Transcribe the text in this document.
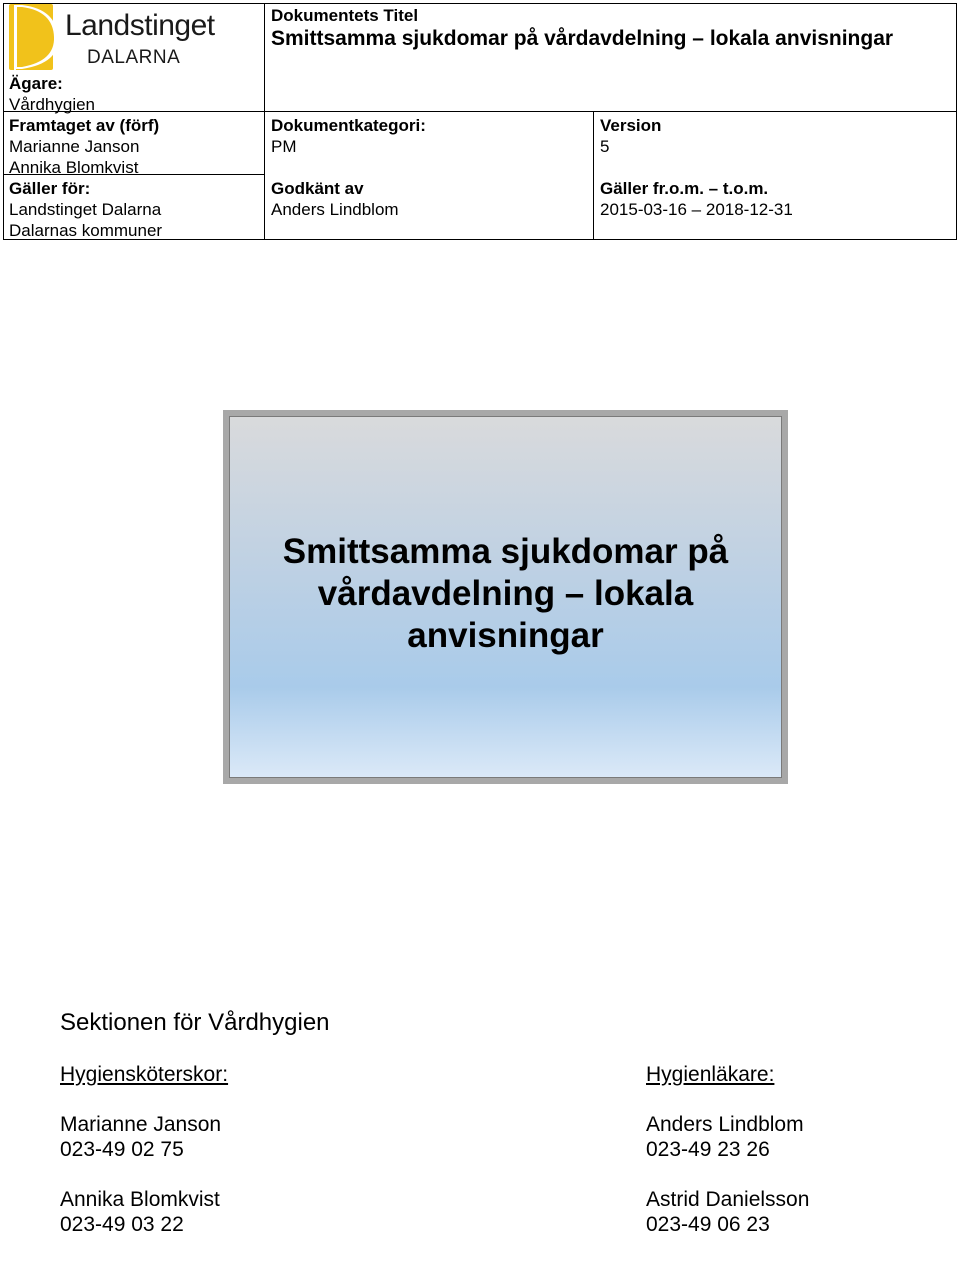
Landstinget
DALARNA
Ägare:
Vårdhygien
Framtaget av (förf)
Marianne Janson
Annika Blomkvist
Gäller för:
Landstinget Dalarna
Dalarnas kommuner
Dokumentets Titel
Smittsamma sjukdomar på vårdavdelning – lokala anvisningar
Dokumentkategori:
PM
Godkänt av
Anders Lindblom
Version
5
Gäller fr.o.m. – t.o.m.
2015-03-16 – 2018-12-31
Smittsamma sjukdomar på vårdavdelning – lokala anvisningar
Sektionen för Vårdhygien
Hygiensköterskor:
Marianne Janson
023-49 02 75
Annika Blomkvist
023-49 03 22
Hygienläkare:
Anders Lindblom
023-49 23 26
Astrid Danielsson
023-49 06 23
